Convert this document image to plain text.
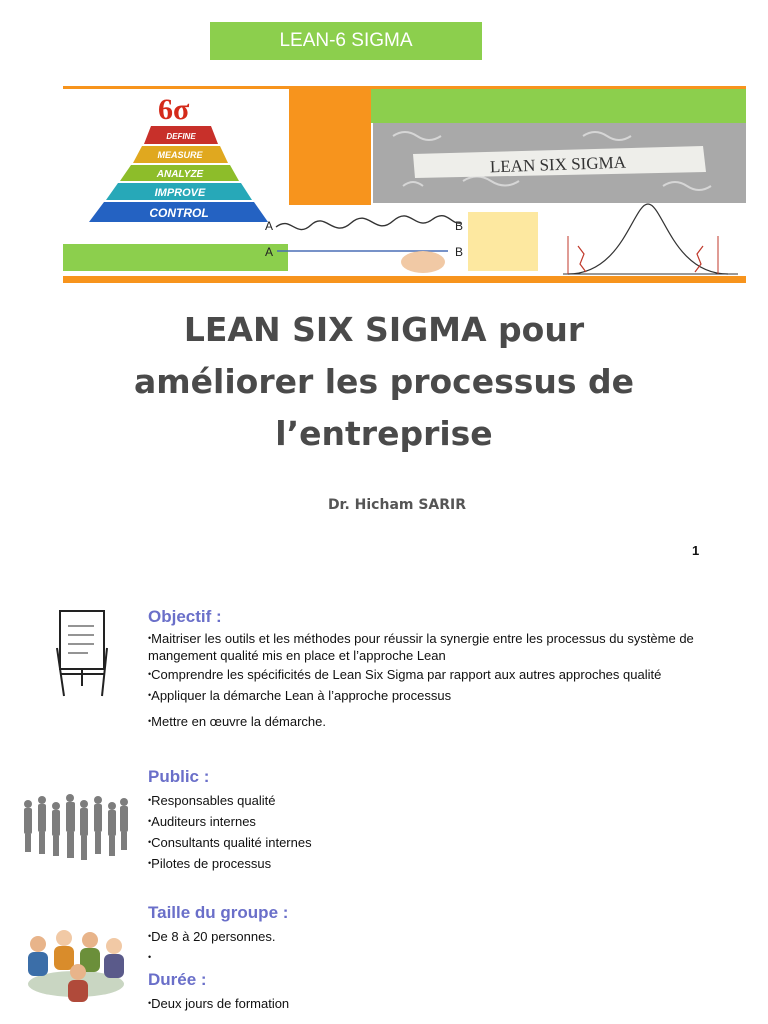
LEAN-6 SIGMA
6σ
DEFINE
MEASURE
ANALYZE
IMPROVE
CONTROL
LEAN SIX SIGMA
A	B
A	B
LEAN SIX SIGMA pour
améliorer les processus de
l’entreprise
Dr. Hicham SARIR
1
Objectif :
• Maitriser les outils et les méthodes pour réussir la synergie entre les processus du système de mangement qualité mis en place et l’approche Lean
• Comprendre les spécificités de Lean Six Sigma par rapport aux autres approches qualité
• Appliquer la démarche Lean à l’approche processus
• Mettre en œuvre la démarche.
Public :
• Responsables qualité
• Auditeurs internes
• Consultants qualité internes
• Pilotes de processus
Taille du groupe :
• De 8 à 20 personnes.
•
Durée :
• Deux jours de formation
